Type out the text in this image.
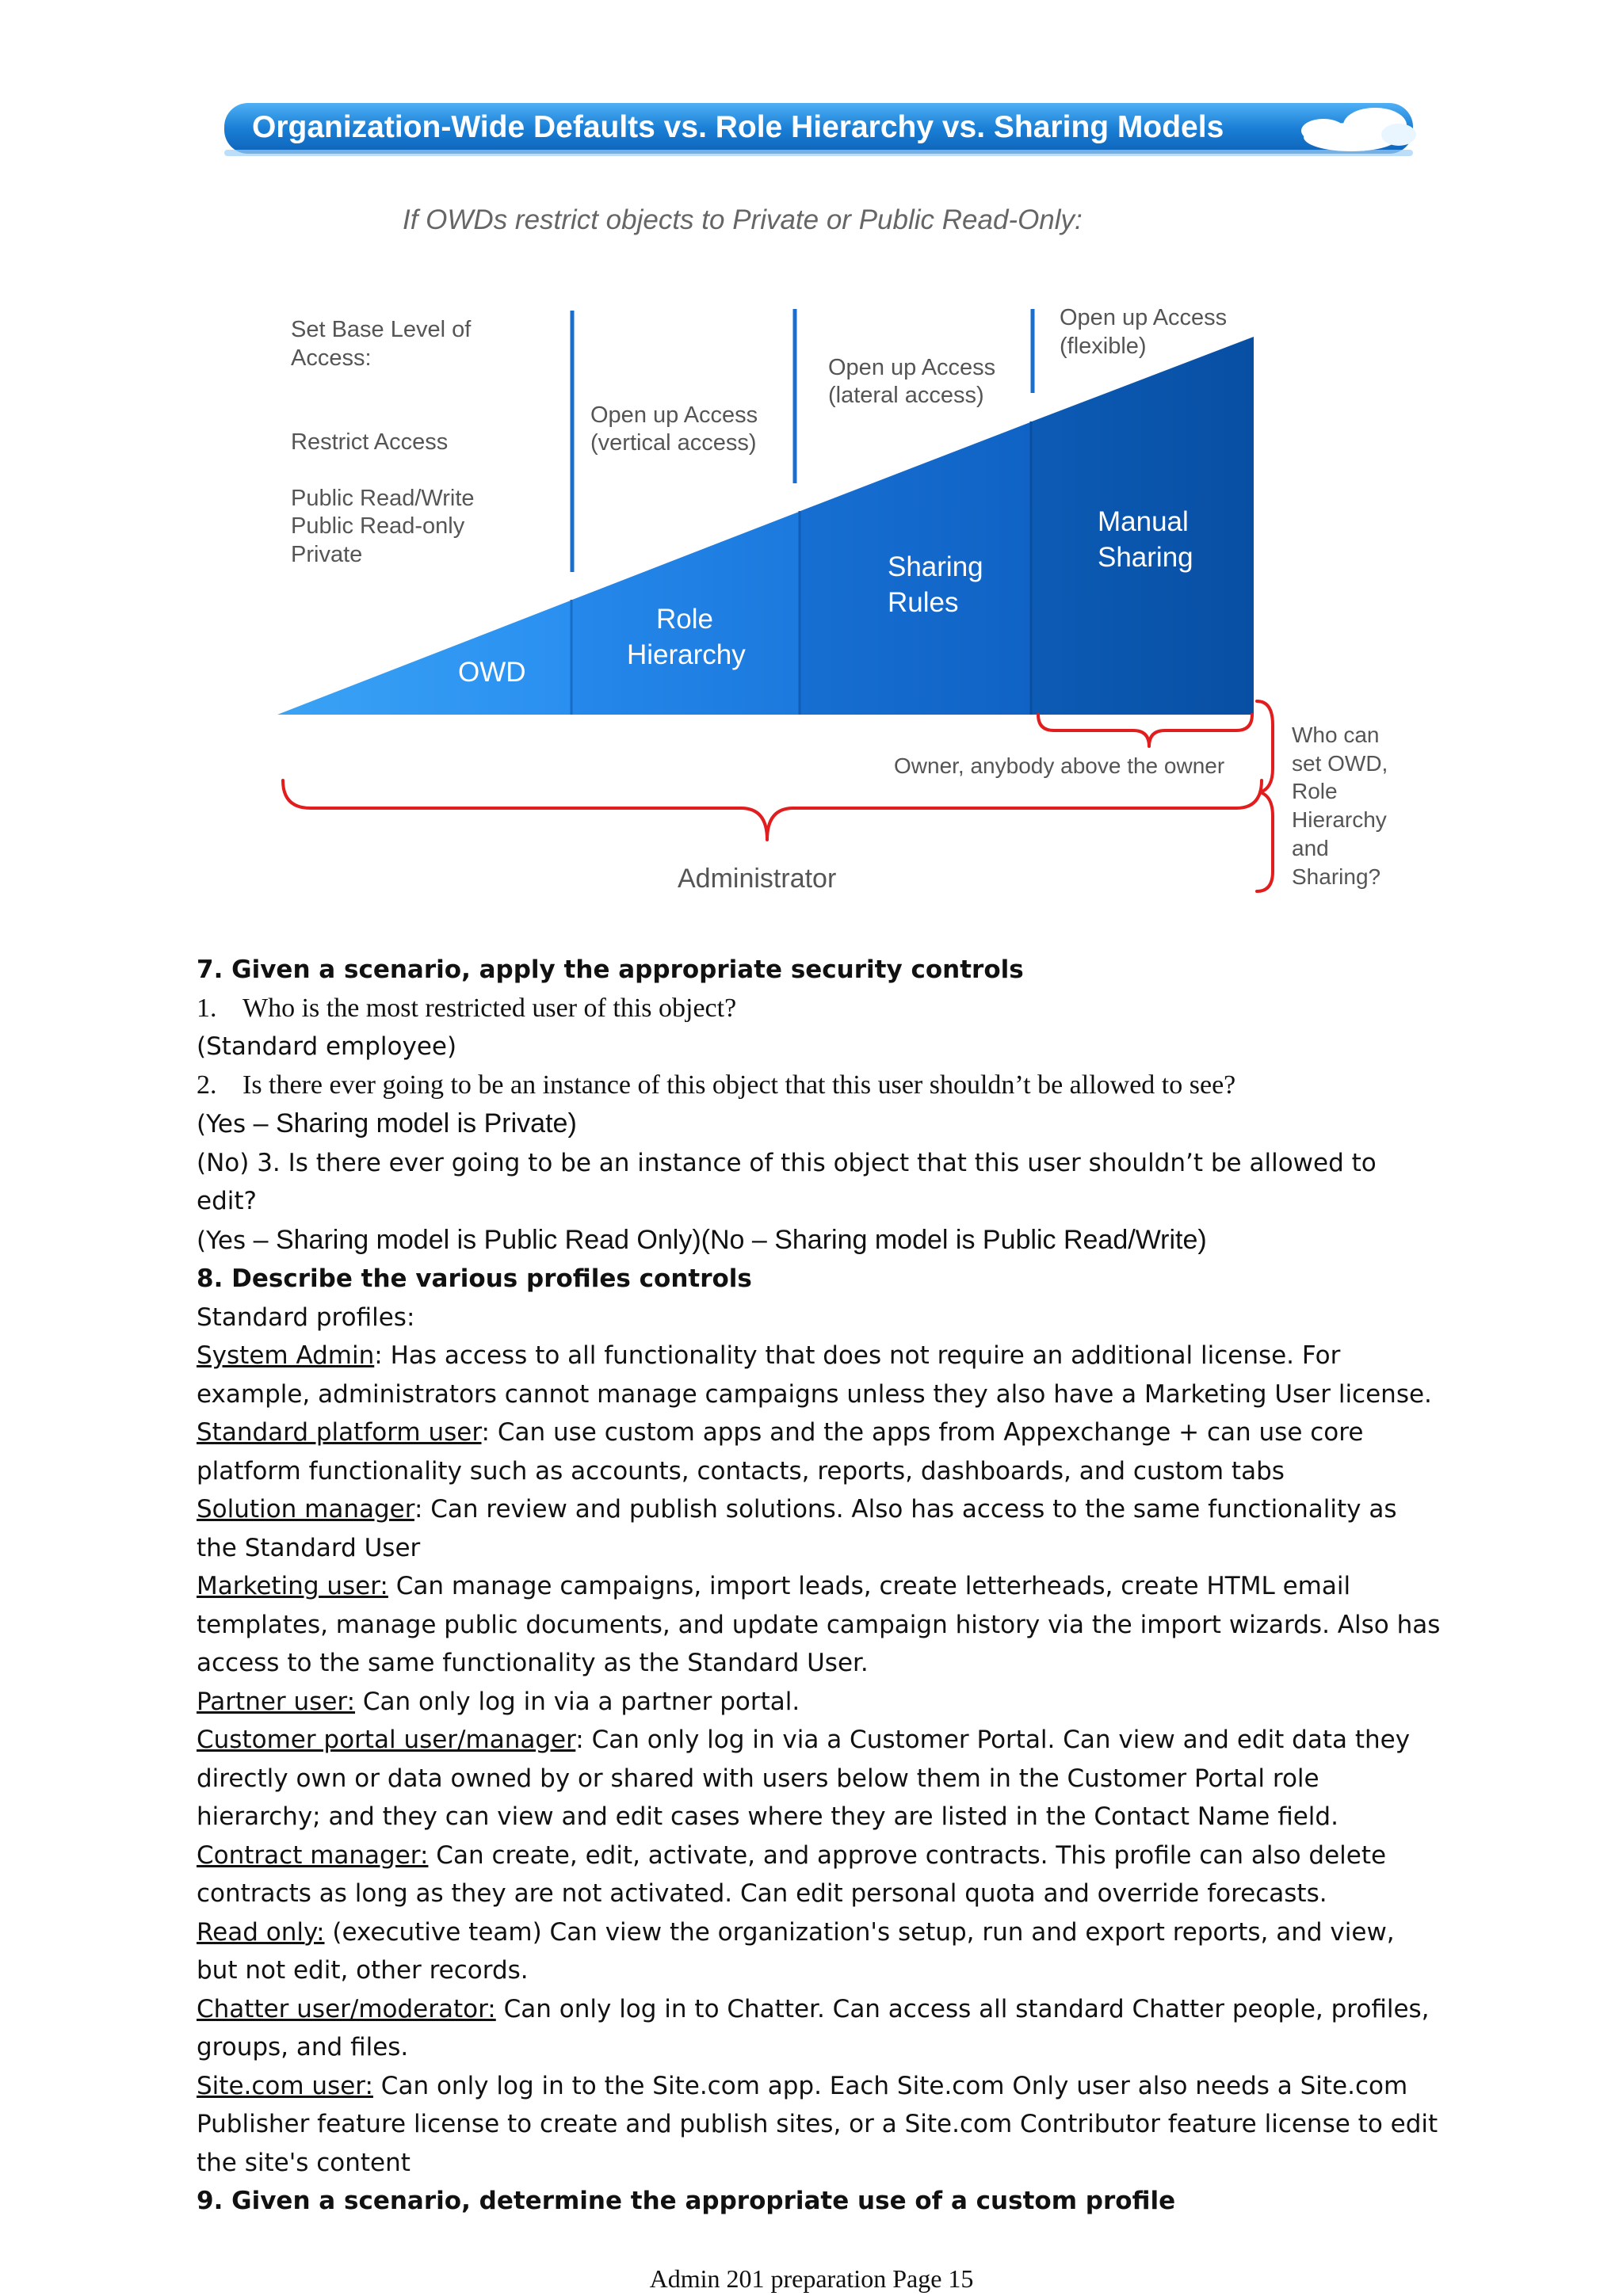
Organization-Wide Defaults vs. Role Hierarchy vs. Sharing Models
If OWDs restrict objects to Private or Public Read-Only:
Set Base Level of
Access:
Restrict Access
Public Read/Write
Public Read-only
Private
Open up Access
(vertical access)
Open up Access
(lateral access)
Open up Access
(flexible)
OWD
Role
Hierarchy
Sharing
Rules
Manual
Sharing
Owner, anybody above the owner
Administrator
Who can
set OWD,
Role
Hierarchy
and
Sharing?

7. Given a scenario, apply the appropriate security controls

1. Who is the most restricted user of this object?

(Standard employee)

2. Is there ever going to be an instance of this object that this user shouldn’t be allowed to see?

(Yes – Sharing model is Private)

(No) 3. Is there ever going to be an instance of this object that this user shouldn’t be allowed to edit?

(Yes – Sharing model is Public Read Only)(No – Sharing model is Public Read/Write)

8. Describe the various profiles controls

Standard profiles:

System Admin: Has access to all functionality that does not require an additional license. For example, administrators cannot manage campaigns unless they also have a Marketing User license.

Standard platform user: Can use custom apps and the apps from Appexchange + can use core platform functionality such as accounts, contacts, reports, dashboards, and custom tabs

Solution manager: Can review and publish solutions. Also has access to the same functionality as the Standard User

Marketing user: Can manage campaigns, import leads, create letterheads, create HTML email templates, manage public documents, and update campaign history via the import wizards. Also has access to the same functionality as the Standard User.

Partner user: Can only log in via a partner portal.

Customer portal user/manager: Can only log in via a Customer Portal. Can view and edit data they directly own or data owned by or shared with users below them in the Customer Portal role hierarchy; and they can view and edit cases where they are listed in the Contact Name field.

Contract manager: Can create, edit, activate, and approve contracts. This profile can also delete contracts as long as they are not activated. Can edit personal quota and override forecasts.

Read only: (executive team) Can view the organization's setup, run and export reports, and view, but not edit, other records.

Chatter user/moderator: Can only log in to Chatter. Can access all standard Chatter people, profiles, groups, and files.

Site.com user: Can only log in to the Site.com app. Each Site.com Only user also needs a Site.com Publisher feature license to create and publish sites, or a Site.com Contributor feature license to edit the site's content

9. Given a scenario, determine the appropriate use of a custom profile

Admin 201 preparation Page 15
